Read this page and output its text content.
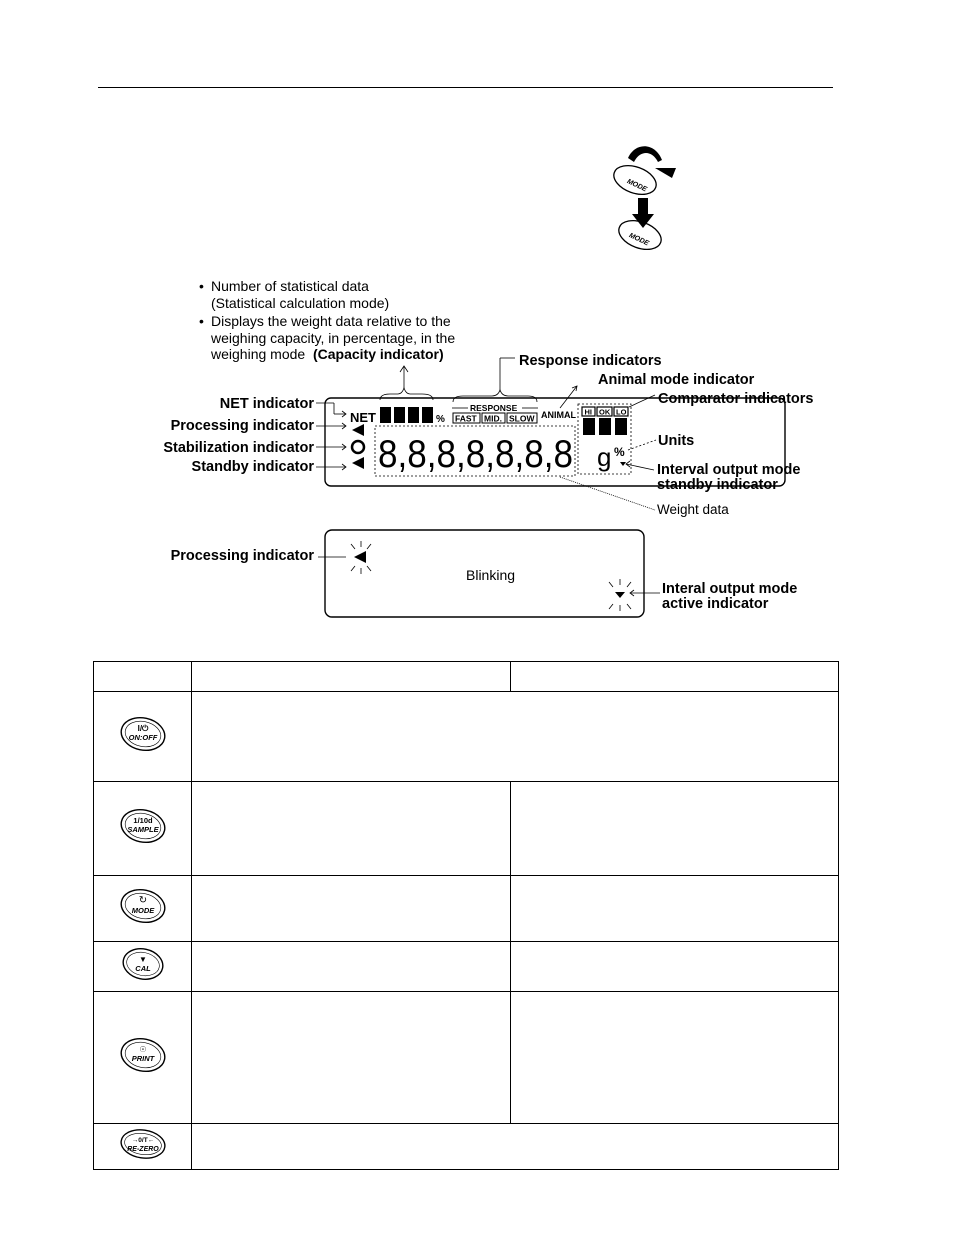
MODE
MODE
• Number of statistical data
(Statistical calculation mode)
• Displays the weight data relative to the
weighing capacity, in percentage, in the
weighing mode (Capacity indicator)
%
NET
RESPONSE
FAST MID. SLOW ANIMAL HI OK LO
g %
8,8,8,8,8,8,8
Response indicators
Animal mode indicator
Comparator indicators
NET indicator
Processing indicator
Stabilization indicator
Standby indicator
Units
Interval output mode
standby indicator
Weight data
Processing indicator
Blinking
Interal output mode
active indicator

I/⏻
ON:OFF		

1/10d
SAMPLE		

↻
MODE		

▼
CAL		

☉
PRINT		

→0/T←
RE-ZERO		
